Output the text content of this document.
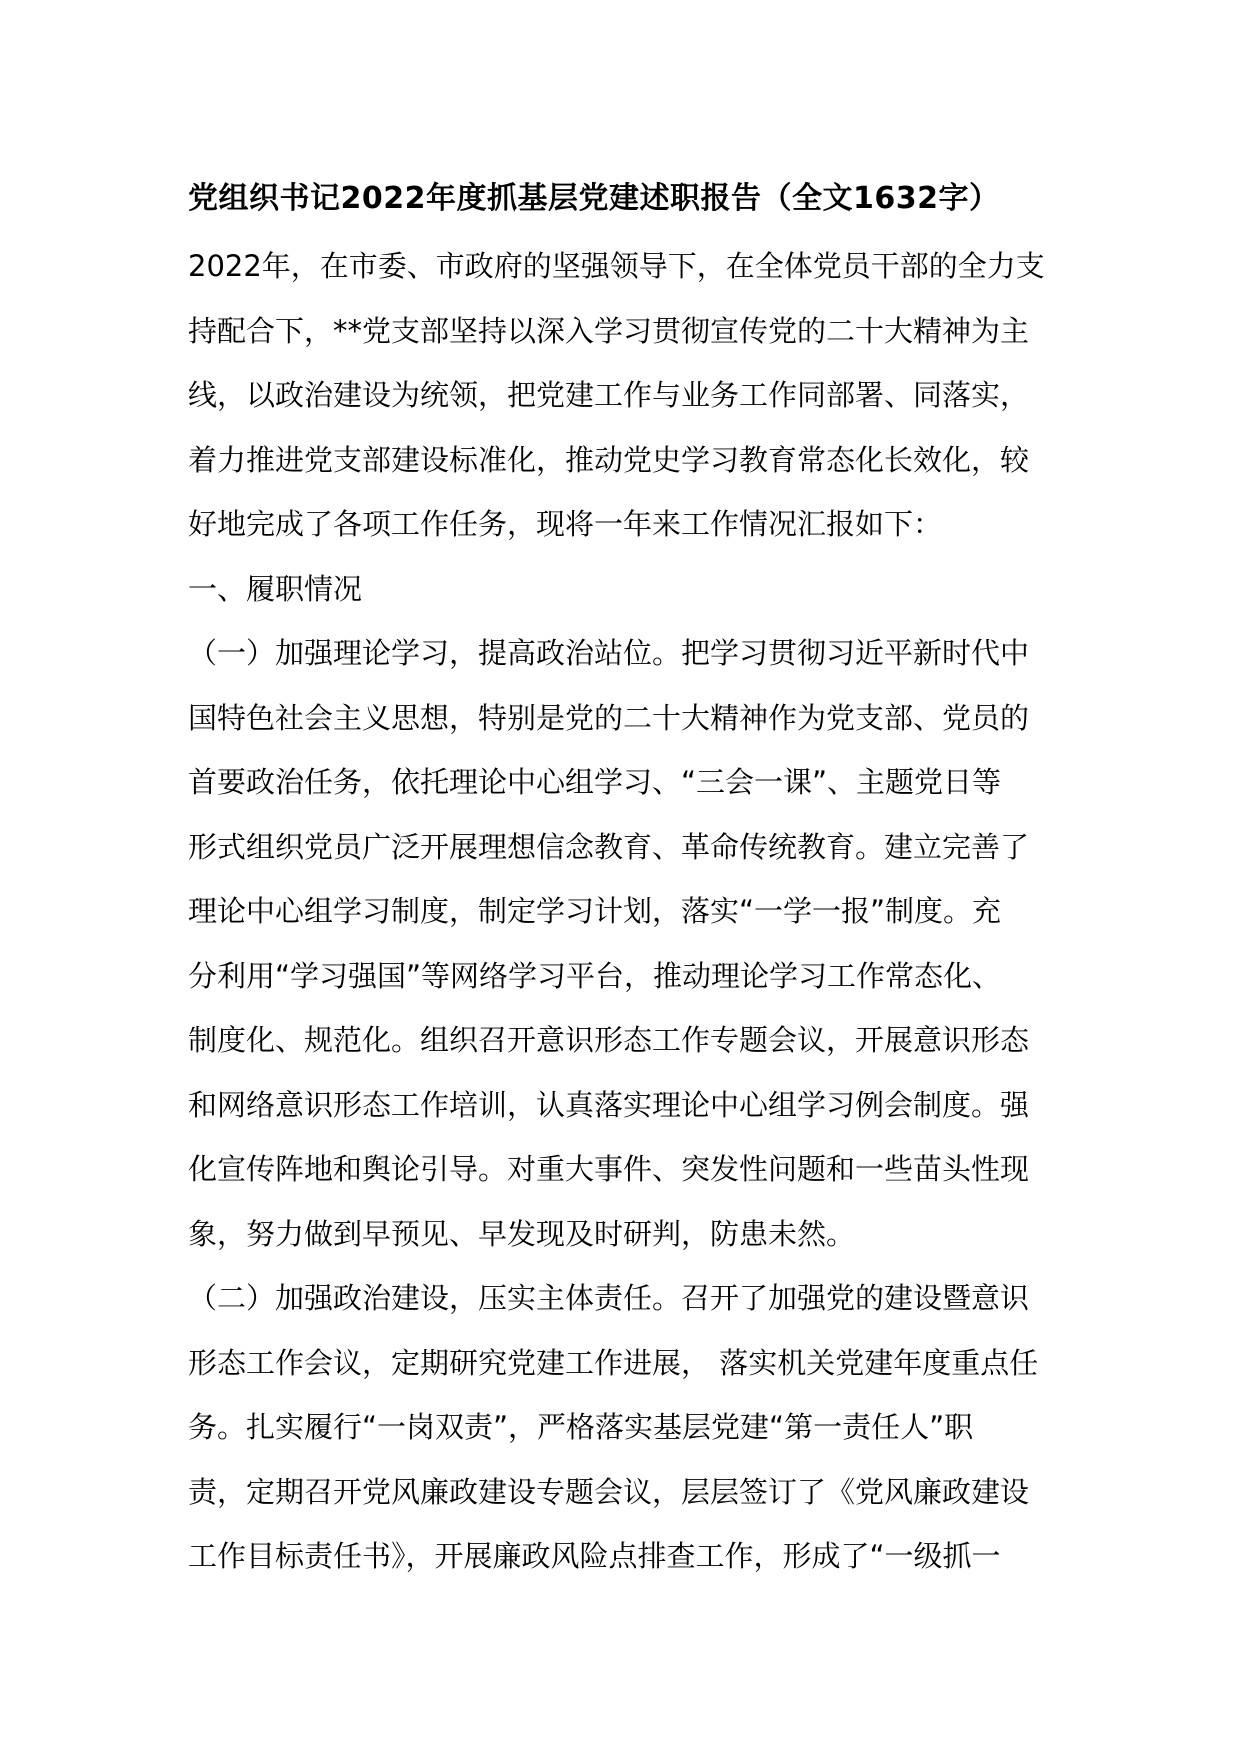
党组织书记2022年度抓基层党建述职报告（全文1632字）
2022年，在市委、市政府的坚强领导下，在全体党员干部的全力支
持配合下，**党支部坚持以深入学习贯彻宣传党的二十大精神为主
线，以政治建设为统领，把党建工作与业务工作同部署、同落实，
着力推进党支部建设标准化，推动党史学习教育常态化长效化，较
好地完成了各项工作任务，现将一年来工作情况汇报如下：
一、履职情况
（一）加强理论学习，提高政治站位。把学习贯彻习近平新时代中
国特色社会主义思想，特别是党的二十大精神作为党支部、党员的
首要政治任务，依托理论中心组学习、“三会一课”、主题党日等
形式组织党员广泛开展理想信念教育、革命传统教育。建立完善了
理论中心组学习制度，制定学习计划，落实“一学一报”制度。充
分利用“学习强国”等网络学习平台，推动理论学习工作常态化、
制度化、规范化。组织召开意识形态工作专题会议，开展意识形态
和网络意识形态工作培训，认真落实理论中心组学习例会制度。强
化宣传阵地和舆论引导。对重大事件、突发性问题和一些苗头性现
象，努力做到早预见、早发现及时研判，防患未然。
（二）加强政治建设，压实主体责任。召开了加强党的建设暨意识
形态工作会议，定期研究党建工作进展， 落实机关党建年度重点任
务。扎实履行“一岗双责”，严格落实基层党建“第一责任人”职
责，定期召开党风廉政建设专题会议，层层签订了《党风廉政建设
工作目标责任书》，开展廉政风险点排查工作，形成了“一级抓一
